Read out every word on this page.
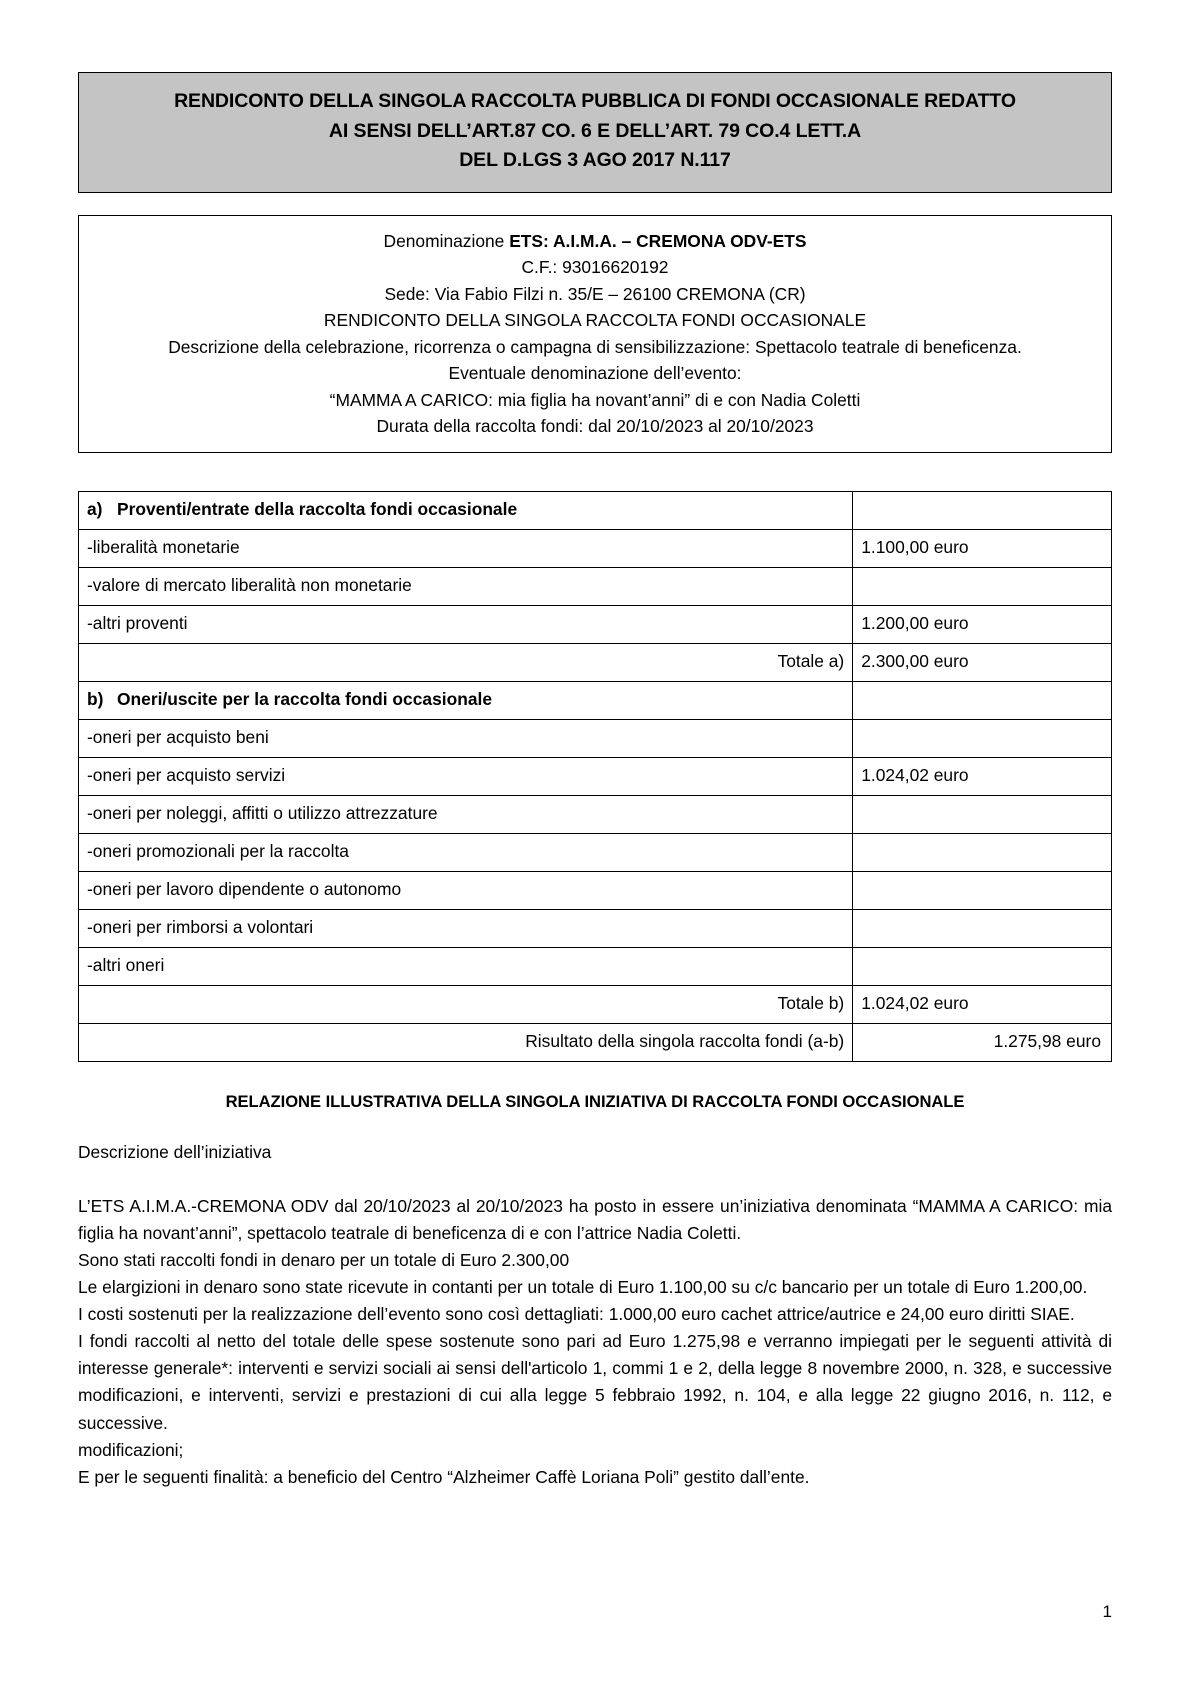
RENDICONTO DELLA SINGOLA RACCOLTA PUBBLICA DI FONDI OCCASIONALE REDATTO
AI SENSI DELL’ART.87 CO. 6 E DELL’ART. 79 CO.4 LETT.A
DEL D.LGS 3 AGO 2017 N.117
Denominazione ETS: A.I.M.A. – CREMONA ODV-ETS
C.F.: 93016620192
Sede: Via Fabio Filzi n. 35/E – 26100 CREMONA (CR)
RENDICONTO DELLA SINGOLA RACCOLTA FONDI OCCASIONALE
Descrizione della celebrazione, ricorrenza o campagna di sensibilizzazione: Spettacolo teatrale di beneficenza.
Eventuale denominazione dell’evento:
“MAMMA A CARICO: mia figlia ha novant’anni” di e con Nadia Coletti
Durata della raccolta fondi: dal 20/10/2023 al 20/10/2023
a) Proventi/entrate della raccolta fondi occasionale	
-liberalità monetarie	1.100,00 euro
-valore di mercato liberalità non monetarie	
-altri proventi	1.200,00 euro
Totale a)	2.300,00 euro
b) Oneri/uscite per la raccolta fondi occasionale	
-oneri per acquisto beni	
-oneri per acquisto servizi	1.024,02 euro
-oneri per noleggi, affitti o utilizzo attrezzature	
-oneri promozionali per la raccolta	
-oneri per lavoro dipendente o autonomo	
-oneri per rimborsi a volontari	
-altri oneri	
Totale b)	1.024,02 euro
Risultato della singola raccolta fondi (a-b)	1.275,98 euro
RELAZIONE ILLUSTRATIVA DELLA SINGOLA INIZIATIVA DI RACCOLTA FONDI OCCASIONALE
Descrizione dell’iniziativa

L’ETS A.I.M.A.-CREMONA ODV dal 20/10/2023 al 20/10/2023 ha posto in essere un’iniziativa denominata “MAMMA A CARICO: mia figlia ha novant’anni”, spettacolo teatrale di beneficenza di e con l’attrice Nadia Coletti.

Sono stati raccolti fondi in denaro per un totale di Euro 2.300,00

Le elargizioni in denaro sono state ricevute in contanti per un totale di Euro 1.100,00 su c/c bancario per un totale di Euro 1.200,00.

I costi sostenuti per la realizzazione dell’evento sono così dettagliati: 1.000,00 euro cachet attrice/autrice e 24,00 euro diritti SIAE.

I fondi raccolti al netto del totale delle spese sostenute sono pari ad Euro 1.275,98 e verranno impiegati per le seguenti attività di interesse generale*: interventi e servizi sociali ai sensi dell'articolo 1, commi 1 e 2, della legge 8 novembre 2000, n. 328, e successive modificazioni, e interventi, servizi e prestazioni di cui alla legge 5 febbraio 1992, n. 104, e alla legge 22 giugno 2016, n. 112, e successive.

modificazioni;

E per le seguenti finalità: a beneficio del Centro “Alzheimer Caffè Loriana Poli” gestito dall’ente.

1
